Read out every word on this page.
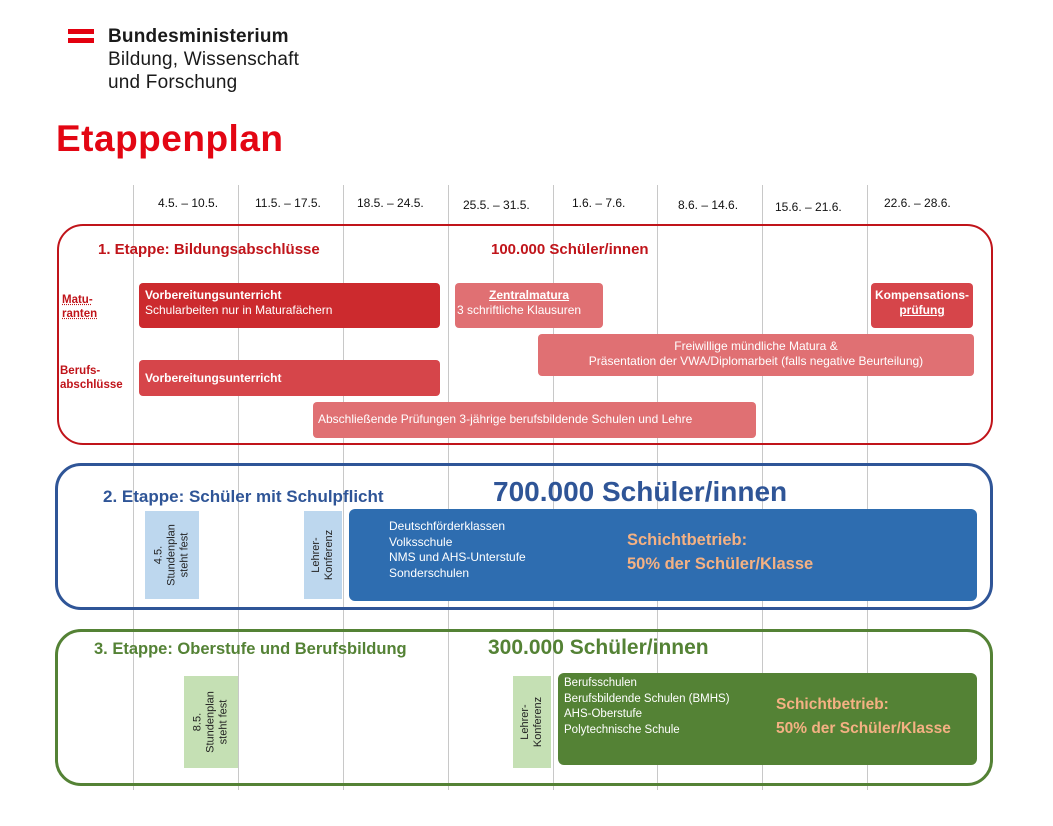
Bundesministerium
Bildung, Wissenschaft
und Forschung
Etappenplan
4.5. – 10.5.	11.5. – 17.5.	18.5. – 24.5.	25.5. – 31.5.	1.6. – 7.6.	8.6. – 14.6.	15.6. – 21.6.	22.6. – 28.6.
1. Etappe: Bildungsabschlüsse	100.000 Schüler/innen
Matu-
ranten
Berufs-
abschlüsse
Vorbereitungsunterricht
Schularbeiten nur in Maturafächern
Zentralmatura
3 schriftliche Klausuren
Kompensations-
prüfung
Freiwillige mündliche Matura &
Präsentation der VWA/Diplomarbeit (falls negative Beurteilung)
Vorbereitungsunterricht
Abschließende Prüfungen 3-jährige berufsbildende Schulen und Lehre
2. Etappe: Schüler mit Schulpflicht	700.000 Schüler/innen
4.5. Stundenplan steht fest	Lehrer- Konferenz
Deutschförderklassen
Volksschule
NMS und AHS-Unterstufe
Sonderschulen
Schichtbetrieb:
50% der Schüler/Klasse
3. Etappe: Oberstufe und Berufsbildung	300.000 Schüler/innen
8.5. Stundenplan steht fest	Lehrer- Konferenz
Berufsschulen
Berufsbildende Schulen (BMHS)
AHS-Oberstufe
Polytechnische Schule
Schichtbetrieb:
50% der Schüler/Klasse
